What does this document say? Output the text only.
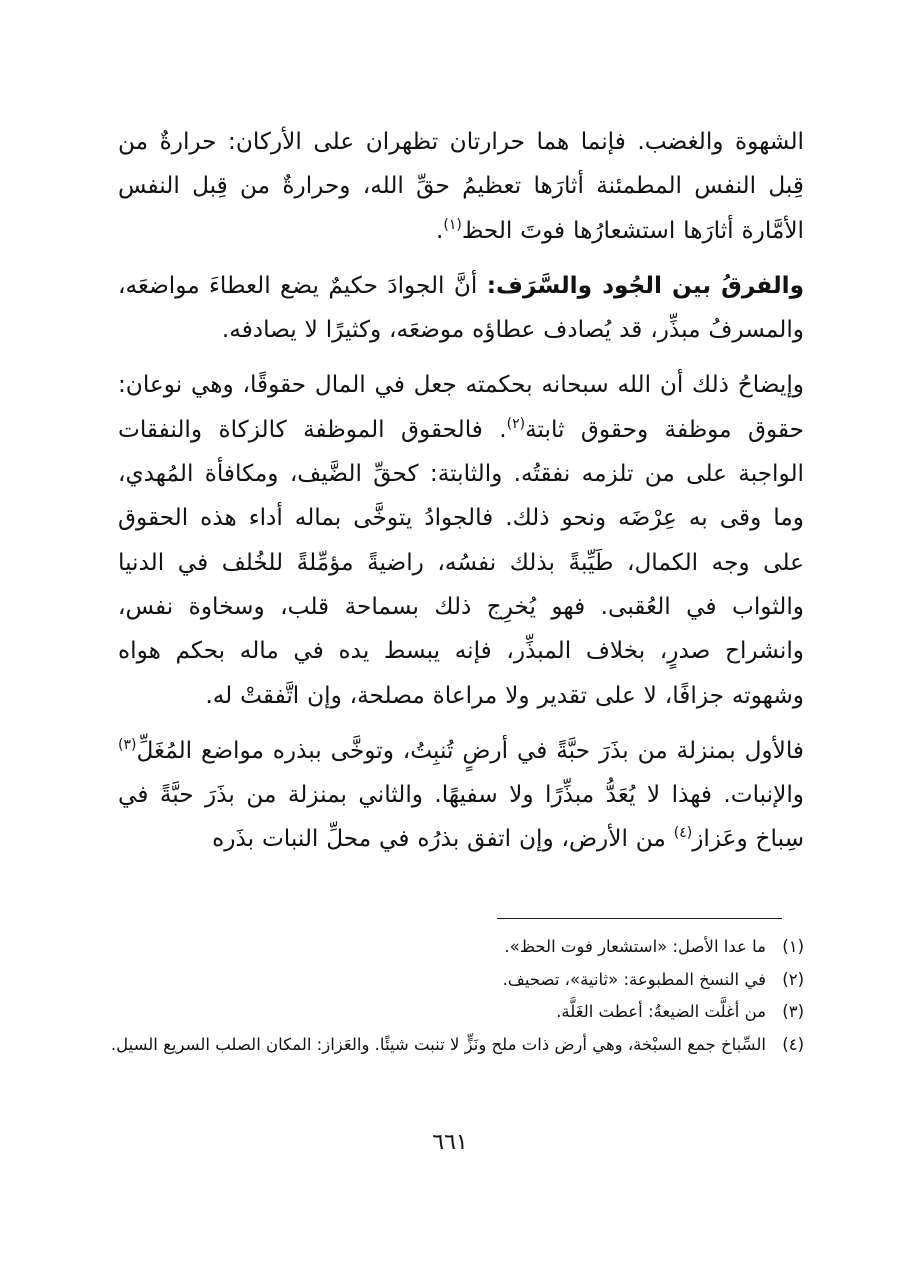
الشهوة والغضب. فإنما هما حرارتان تظهران على الأركان: حرارةٌ من قِبل النفس المطمئنة أثارَها تعظيمُ حقِّ الله، وحرارةٌ من قِبل النفس الأمَّارة أثارَها استشعارُها فوتَ الحظ$^{(١)}$.

والفرقُ بين الجُود والسَّرَف: أنَّ الجوادَ حكيمٌ يضع العطاءَ مواضعَه، والمسرفُ مبذِّر، قد يُصادف عطاؤه موضعَه، وكثيرًا لا يصادفه.

وإيضاحُ ذلك أن الله سبحانه بحكمته جعل في المال حقوقًا، وهي نوعان: حقوق موظفة وحقوق ثابتة$^{(٢)}$. فالحقوق الموظفة كالزكاة والنفقات الواجبة على من تلزمه نفقتُه. والثابتة: كحقِّ الضَّيف، ومكافأة المُهدي، وما وقى به عِرْضَه ونحو ذلك. فالجوادُ يتوخَّى بماله أداء هذه الحقوق على وجه الكمال، طَيِّبةً بذلك نفسُه، راضيةً مؤمِّلةً للخُلف في الدنيا والثواب في العُقبى. فهو يُخرِج ذلك بسماحة قلب، وسخاوة نفس، وانشراح صدرٍ، بخلاف المبذِّر، فإنه يبسط يده في ماله بحكم هواه وشهوته جزافًا، لا على تقدير ولا مراعاة مصلحة، وإن اتَّفقتْ له.

فالأول بمنزلة من بذَرَ حبَّةً في أرضٍ تُنبِتُ، وتوخَّى ببذره مواضع المُغَلِّ$^{(٣)}$ والإنبات. فهذا لا يُعَدُّ مبذِّرًا ولا سفيهًا. والثاني بمنزلة من بذَرَ حبَّةً في سِباخ وعَزاز$^{(٤)}$ من الأرض، وإن اتفق بذرُه في محلِّ النبات بذَره

(١)
ما عدا الأصل: «استشعار فوت الحظ».
(٢)
في النسخ المطبوعة: «ثانية»، تصحيف.
(٣)
من أغلَّت الضيعةُ: أعطت الغَلَّة.
(٤)
السِّباخ جمع السبْخة، وهي أرض ذات ملح ونَزٍّ لا تنبت شيئًا. والعَزاز: المكان الصلب السريع السيل.
٦٦١
